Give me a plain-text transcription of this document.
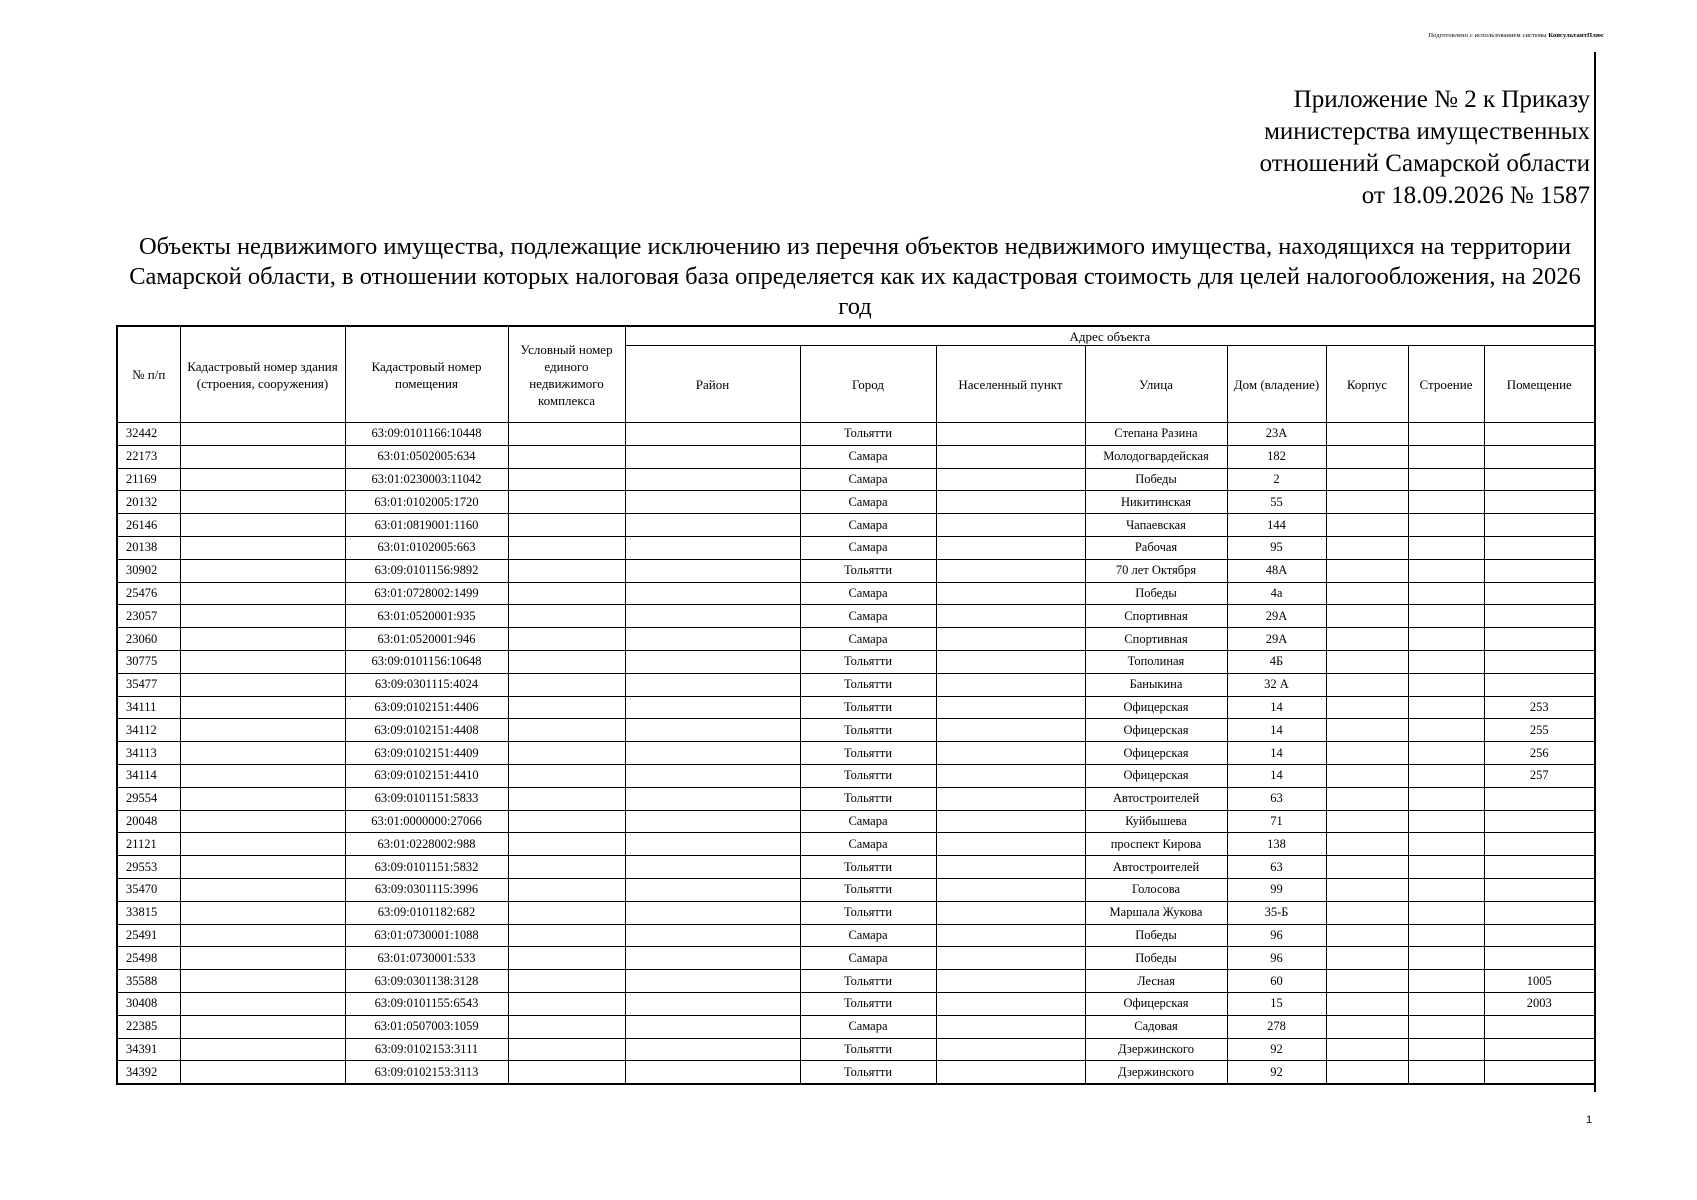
Подготовлено с использованием системы КонсультантПлюс
Приложение № 2 к Приказу
министерства имущественных
отношений Самарской области
от 18.09.2026 № 1587
Объекты недвижимого имущества, подлежащие исключению из перечня объектов недвижимого имущества, находящихся на территории Самарской области, в отношении которых налоговая база определяется как их кадастровая стоимость для целей налогообложения, на 2026 год
№ п/п	Кадастровый номер здания (строения, сооружения)	Кадастровый номер помещения	Условный номер единого недвижимого комплекса	Адрес объекта							
				Район	Город	Населенный пункт	Улица	Дом (владение)	Корпус	Строение	Помещение
32442		63:09:0101166:10448			Тольятти		Степана Разина	23А			
22173		63:01:0502005:634			Самара		Молодогвардейская	182			
21169		63:01:0230003:11042			Самара		Победы	2			
20132		63:01:0102005:1720			Самара		Никитинская	55			
26146		63:01:0819001:1160			Самара		Чапаевская	144			
20138		63:01:0102005:663			Самара		Рабочая	95			
30902		63:09:0101156:9892			Тольятти		70 лет Октября	48А			
25476		63:01:0728002:1499			Самара		Победы	4а			
23057		63:01:0520001:935			Самара		Спортивная	29А			
23060		63:01:0520001:946			Самара		Спортивная	29А			
30775		63:09:0101156:10648			Тольятти		Тополиная	4Б			
35477		63:09:0301115:4024			Тольятти		Баныкина	32 А			
34111		63:09:0102151:4406			Тольятти		Офицерская	14			253
34112		63:09:0102151:4408			Тольятти		Офицерская	14			255
34113		63:09:0102151:4409			Тольятти		Офицерская	14			256
34114		63:09:0102151:4410			Тольятти		Офицерская	14			257
29554		63:09:0101151:5833			Тольятти		Автостроителей	63			
20048		63:01:0000000:27066			Самара		Куйбышева	71			
21121		63:01:0228002:988			Самара		проспект Кирова	138			
29553		63:09:0101151:5832			Тольятти		Автостроителей	63			
35470		63:09:0301115:3996			Тольятти		Голосова	99			
33815		63:09:0101182:682			Тольятти		Маршала Жукова	35-Б			
25491		63:01:0730001:1088			Самара		Победы	96			
25498		63:01:0730001:533			Самара		Победы	96			
35588		63:09:0301138:3128			Тольятти		Лесная	60			1005
30408		63:09:0101155:6543			Тольятти		Офицерская	15			2003
22385		63:01:0507003:1059			Самара		Садовая	278			
34391		63:09:0102153:3111			Тольятти		Дзержинского	92			
34392		63:09:0102153:3113			Тольятти		Дзержинского	92			
1
